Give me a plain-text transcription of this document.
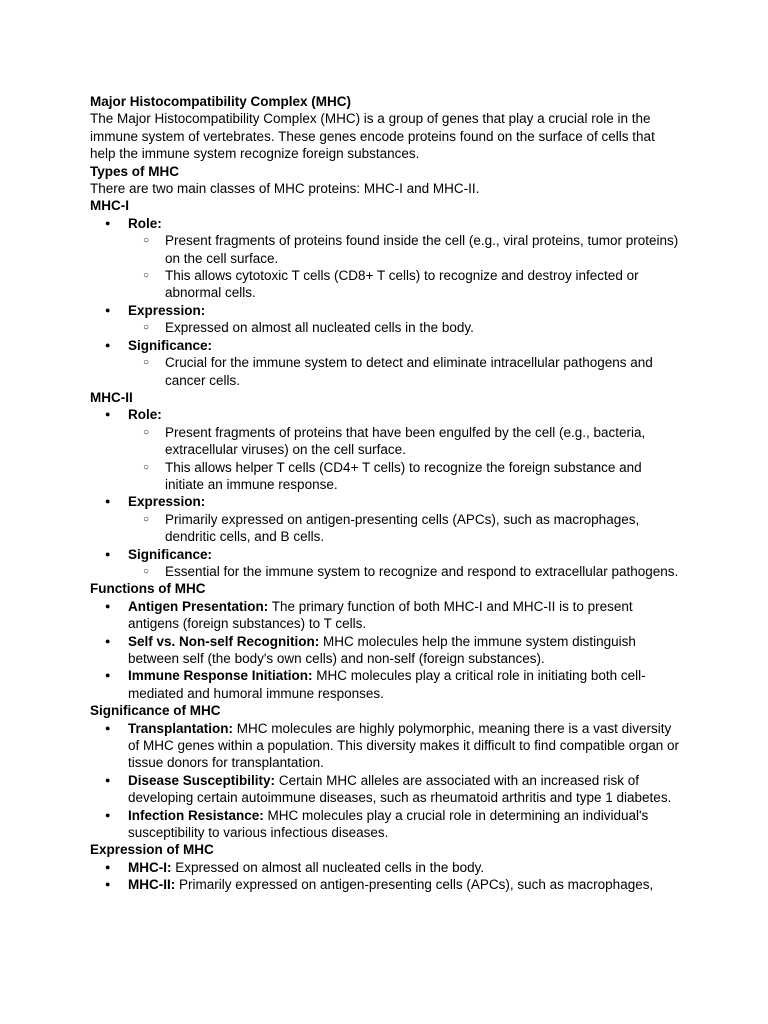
Major Histocompatibility Complex (MHC)

The Major Histocompatibility Complex (MHC) is a group of genes that play a crucial role in the immune system of vertebrates. These genes encode proteins found on the surface of cells that help the immune system recognize foreign substances.

Types of MHC

There are two main classes of MHC proteins: MHC-I and MHC-II.

MHC-I

● Role:
○ Present fragments of proteins found inside the cell (e.g., viral proteins, tumor proteins) on the cell surface.
○ This allows cytotoxic T cells (CD8+ T cells) to recognize and destroy infected or abnormal cells.
● Expression:
○ Expressed on almost all nucleated cells in the body.
● Significance:
○ Crucial for the immune system to detect and eliminate intracellular pathogens and cancer cells.

MHC-II

● Role:
○ Present fragments of proteins that have been engulfed by the cell (e.g., bacteria, extracellular viruses) on the cell surface.
○ This allows helper T cells (CD4+ T cells) to recognize the foreign substance and initiate an immune response.
● Expression:
○ Primarily expressed on antigen-presenting cells (APCs), such as macrophages, dendritic cells, and B cells.
● Significance:
○ Essential for the immune system to recognize and respond to extracellular pathogens.

Functions of MHC

● Antigen Presentation: The primary function of both MHC-I and MHC-II is to present antigens (foreign substances) to T cells.
● Self vs. Non-self Recognition: MHC molecules help the immune system distinguish between self (the body's own cells) and non-self (foreign substances).
● Immune Response Initiation: MHC molecules play a critical role in initiating both cell-mediated and humoral immune responses.

Significance of MHC

● Transplantation: MHC molecules are highly polymorphic, meaning there is a vast diversity of MHC genes within a population. This diversity makes it difficult to find compatible organ or tissue donors for transplantation.
● Disease Susceptibility: Certain MHC alleles are associated with an increased risk of developing certain autoimmune diseases, such as rheumatoid arthritis and type 1 diabetes.
● Infection Resistance: MHC molecules play a crucial role in determining an individual's susceptibility to various infectious diseases.

Expression of MHC

● MHC-I: Expressed on almost all nucleated cells in the body.
● MHC-II: Primarily expressed on antigen-presenting cells (APCs), such as macrophages,
